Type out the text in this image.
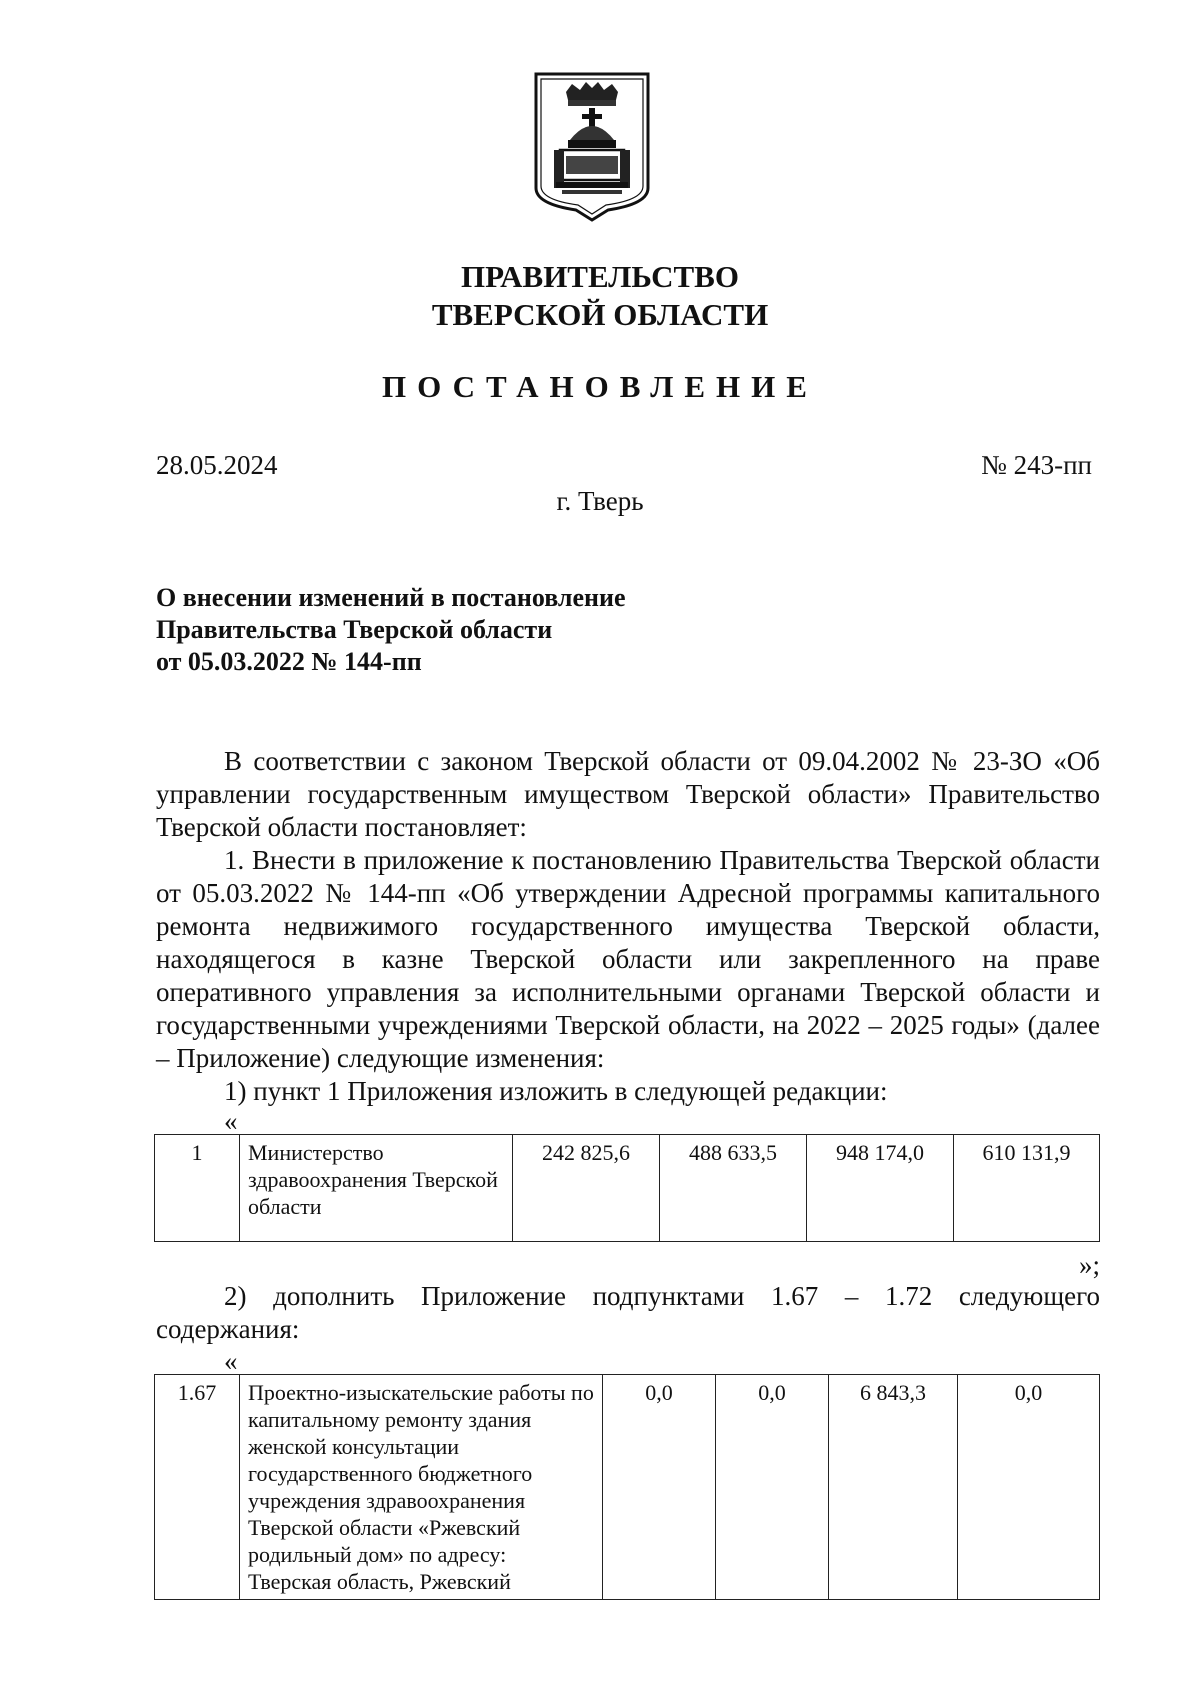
ПРАВИТЕЛЬСТВО
ТВЕРСКОЙ ОБЛАСТИ
ПОСТАНОВЛЕНИЕ
28.05.2024	№ 243-пп
г. Тверь
О внесении изменений в постановление
Правительства Тверской области
от 05.03.2022 № 144-пп
В соответствии с законом Тверской области от 09.04.2002 № 23-ЗО «Об управлении государственным имуществом Тверской области» Правительство Тверской области постановляет:
1. Внести в приложение к постановлению Правительства Тверской области от 05.03.2022 № 144-пп «Об утверждении Адресной программы капитального ремонта недвижимого государственного имущества Тверской области, находящегося в казне Тверской области или закрепленного на праве оперативного управления за исполнительными органами Тверской области и государственными учреждениями Тверской области, на 2022 – 2025 годы» (далее – Приложение) следующие изменения:
1) пункт 1 Приложения изложить в следующей редакции:
«
1	Министерство здравоохранения Тверской области	242 825,6	488 633,5	948 174,0	610 131,9
»;
2) дополнить Приложение подпунктами 1.67 – 1.72 следующего содержания:
«
1.67	Проектно-изыскательские работы по капитальному ремонту здания женской консультации государственного бюджетного учреждения здравоохранения Тверской области «Ржевский родильный дом» по адресу: Тверская область, Ржевский	0,0	0,0	6 843,3	0,0
